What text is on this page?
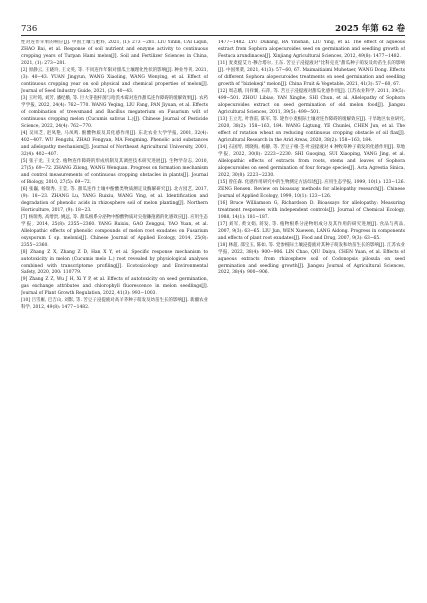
736	2025 年第 62 卷
性对连作苹果的响应[J]. 中国土壤与肥料, 2021, (1): 273 −281. LIU Yinlin, CAI Liqun, ZHAO Bai, et al. Response of soil nutrient and enzyme activity to continuous cropping years of Turpan Hami melon[J]. Soil and Fertilizer Sciences in China, 2021, (1): 273−281.
[2] 原静云, 王晓玲, 王文英, 等. 不同连作年限对甜瓜土壤理化性状的影响[J]. 种业导刊, 2021, (3): 40−43. YUAN Jingyun, WANG Xiaoling, WANG Wenying, et al. Effect of continuous cropping year on soil physical and chemical properties of melon[J]. Journal of Seed Industry Guide, 2021, (3): 40−43.
[3] 王叶筠, 刘芳, 潘纪娥, 等. 巨大芽孢杆菌与哈茨木霉对连作甜瓜连作障碍的缓解效果[J]. 农药学学报, 2022, 24(4): 762−770. WANG Yeqing, LIU Fang, PAN Jiyuan, et al. Effects of combination of trewsmand and Bacillus megaterium on Fusarium wilt of continuous cropping melon (Cucumis sativus L.)[J]. Chinese Journal of Pesticide Science, 2022, 24(4): 762−770.
[4] 吴凤芝, 赵凤艳, 马凤鸣. 酚酸物质及其化感作用[J]. 东北农业大学学报, 2001, 32(4): 402−407. WU Fengzhi, ZHAO Fengyan, MA Fengming. Phenolic acid substances and allelopathy mechanism[J]. Journal of Northeast Agricultural University, 2001, 32(4): 402−407.
[5] 张子龙, 王文全. 植物连作障碍的形成机制及其调控技术研究进展[J]. 生物学杂志, 2010, 27(5): 69−72. ZHANG Zilong, WANG Wenquan. Progress on formation mechanism and control measurements of continuous cropping obstacles in plants[J]. Journal of Biology, 2010, 27(5): 69−72.
[6] 张巍, 杨瑞秀, 王莹, 等. 甜瓜连作土壤中酚酸类物质测定及酶解研究[J]. 北方园艺, 2017, (9): 18−23. ZHANG Lu, YANG Ruixiu, WANG Ying, et al. Identification and degradation of phenolic acids in rhizosphere soil of melon planting[J]. Northern Horticulture, 2017, (9): 18−23.
[7] 杨瑞秀, 高增贵, 姚远, 等. 甜瓜根系分泌物中酚酸物质对尖孢镰孢菌的化感效应[J]. 应用生态学报, 2014, 25(8): 2355−2360. YANG Ruixiu, GAO Zenggui, YAO Yuan, et al. Allelopathic effects of phenolic compounds of melon root exudates on Fusarium oxysporum f. sp. melonis[J]. Chinese Journal of Applied Ecology, 2014, 25(8): 2355−2360.
[8] Zhang Z X, Zhang Z D, Han X Y, et al. Specific response mechanism to autotoxicity in melon (Cucumis melo L.) root revealed by physiological analyses combined with transcriptome profiling[J]. Ecotoxicology and Environmental Safety, 2020, 200: 110779.
[9] Zhang Z Z, Wu J H, Xi Y P, et al. Effects of autotoxicity on seed germination, gas exchange attributes and chlorophyll fluorescence in melon seedlings[J]. Journal of Plant Growth Regulation, 2022, 41(3): 993−1003.
[10] 吕雪雁, 巴吉山, 刘影, 等. 苦豆子浸提液对高羊茅种子萌发及幼苗生长的影响[J]. 新疆农业科学, 2012, 49(8): 1477−1482.
1477−1482. LYU Dukang, BA Yinshan, LIU Ying, et al. The effect of aqueous extract from Sophora alopecuroides seed on germination and seedling growth of Festuca arundinacea[J]. Xinjiang Agricultural Sciences, 2012, 49(8): 1477−1482.
[11] 麦麦提艾力·穆合塔尔, 王东. 苦豆子浸提液对"比科克克"甜瓜种子萌发及幼苗生长的影响[J]. 中国果菜, 2021, 41(3): 57−60, 67. Maimaitiaimi Muhetaer, WANG Dong. Effects of different Sophora alopecuroides treatments on seed germination and seedling growth of "biziekeqi" melon[J]. China Fruit & Vegetable, 2021, 41(3): 57−60, 67.
[12] 周志娥, 闫祥翼, 石萍, 等. 苦豆子浸提液对甜瓜化感作用[J]. 江苏农业科学, 2011, 39(5): 499−501. ZHOU Libiao, YAN Xinghe, SHI Chun, et al. Allelopathy of Sophora alopecuroides extract on seed germination of old melon food[J]. Jiangsu Agricultural Sciences, 2011, 39(5): 499−501.
[13] 王立光, 叶春雷, 陈军, 等. 轮作小麦根际土壤对连作障碍的缓解效应[J]. 干旱地区农业研究, 2020, 38(2): 158−163, 184. WANG Ligtung, YE Chunlei, CHEN Jun, et al. The effect of rotation wheat on reducing continuous cropping obstacle of oil flax[J]. Agricultural Research in the Arid Areas, 2020, 38(2): 158−163, 184.
[14] 石国琴, 周晓海, 杨静, 等. 苦豆子根·茎·叶浸提液对 4 种牧草种子萌发的化感作用[J]. 草地学报, 2022, 30(8): 2223−2230. SHI Guoqing, SUI Xiaoping, YANG Jing, et al. Allelopathic effects of extracts from roots, stems and leaves of Sophora alopecuroides on seed germination of four forage species[J]. Acta Agrestia Sinica, 2022, 30(8): 2223−2230.
[15] 曾任森. 化感作用研究中的生物测定方法综述[J]. 应用生态学报, 1999, 10(1): 123−126. ZENG Rensen. Review on bioassay methods for allelopathy research[J]. Chinese Journal of Applied Ecology, 1999, 10(1): 123−126.
[16] Bruce Williamson G, Richardson D. Bioassays for allelopathy: Measuring treatment responses with independent controls[J]. Journal of Chemical Ecology, 1988, 14(1): 181−187.
[17] 刘军, 黄文娟, 蒋发, 等. 植物根系分泌物组成分及其作用的研究进展[J]. 食品与药品, 2007, 9(3): 63−65. LIU Jun, WEN Xuewen, LANG Aidong. Progress in components and effects of plant root exudates[J]. Food and Drug, 2007, 9(3): 63−65.
[18] 林超, 邵宝玉, 陈如, 等. 党参根际土壤浸提液对其种子萌发和幼苗生长的影响[J]. 江苏农业学报, 2022, 38(4): 900−906. LIN Chao, QIU Daiyu, CHEN Yuan, et al. Effects of aqueous extracts from rhizosphere soil of Codonopsis pilosula on seed germination and seedling growth[J]. Jiangsu Journal of Agricultural Sciences, 2022, 38(4): 900−906.
